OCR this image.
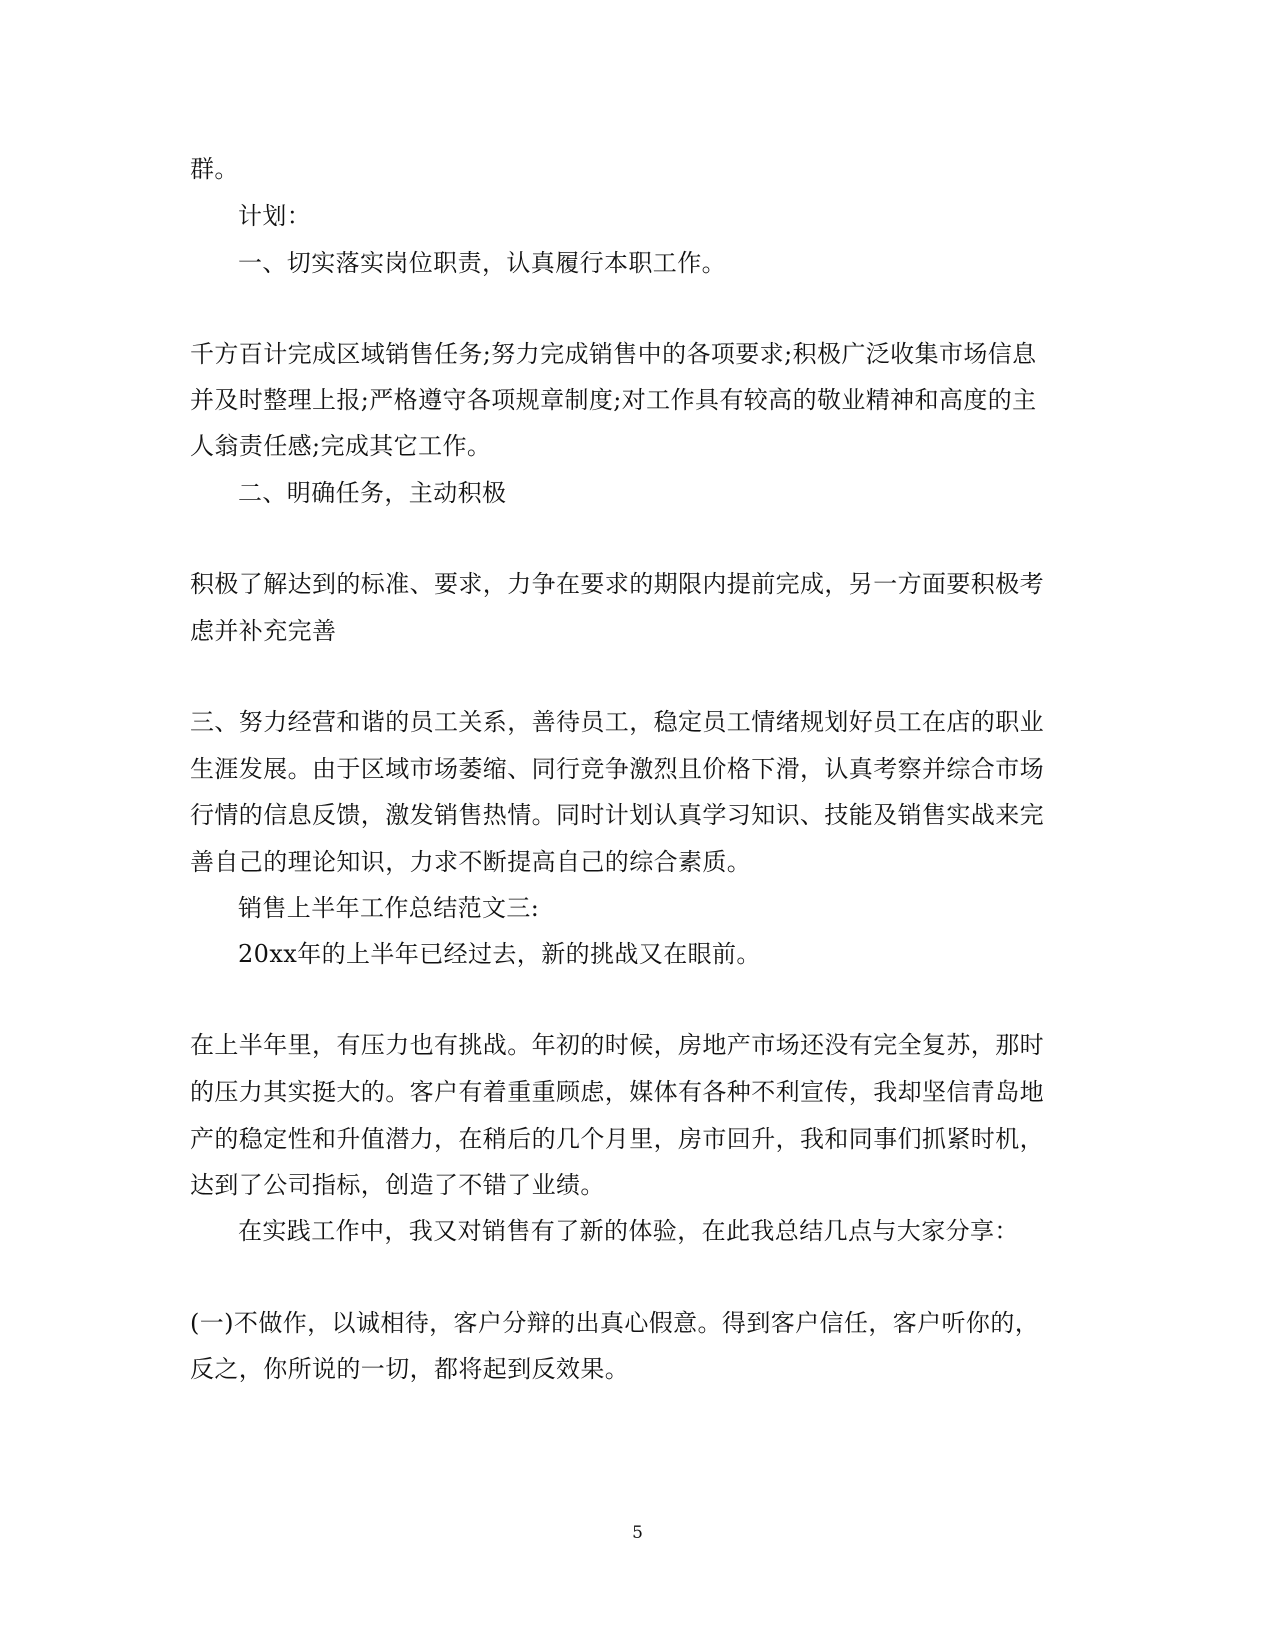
群。
计划：
一、切实落实岗位职责，认真履行本职工作。
千方百计完成区域销售任务;努力完成销售中的各项要求;积极广泛收集市场信息
并及时整理上报;严格遵守各项规章制度;对工作具有较高的敬业精神和高度的主
人翁责任感;完成其它工作。
二、明确任务，主动积极
积极了解达到的标准、要求，力争在要求的期限内提前完成，另一方面要积极考
虑并补充完善
三、努力经营和谐的员工关系，善待员工，稳定员工情绪规划好员工在店的职业
生涯发展。由于区域市场萎缩、同行竞争激烈且价格下滑，认真考察并综合市场
行情的信息反馈，激发销售热情。同时计划认真学习知识、技能及销售实战来完
善自己的理论知识，力求不断提高自己的综合素质。
销售上半年工作总结范文三:
20xx年的上半年已经过去，新的挑战又在眼前。
在上半年里，有压力也有挑战。年初的时候，房地产市场还没有完全复苏，那时
的压力其实挺大的。客户有着重重顾虑，媒体有各种不利宣传，我却坚信青岛地
产的稳定性和升值潜力，在稍后的几个月里，房市回升，我和同事们抓紧时机，
达到了公司指标，创造了不错了业绩。
在实践工作中，我又对销售有了新的体验，在此我总结几点与大家分享：
(一)不做作，以诚相待，客户分辩的出真心假意。得到客户信任，客户听你的，
反之，你所说的一切，都将起到反效果。
5
